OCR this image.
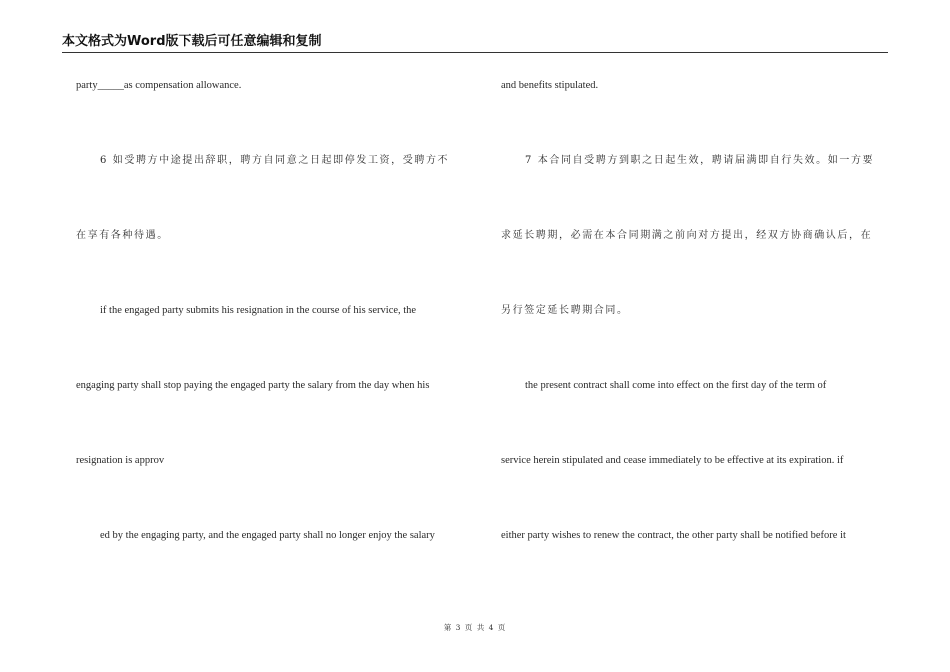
本文格式为Word版下载后可任意编辑和复制
party_____as compensation allowance.
6 如受聘方中途提出辞职，聘方自同意之日起即停发工资，受聘方不
在享有各种待遇。
if the engaged party submits his resignation in the course of his service, the
engaging party shall stop paying the engaged party the salary from the day when his
resignation is approv
ed by the engaging party, and the engaged party shall no longer enjoy the salary
and benefits stipulated.
7 本合同自受聘方到职之日起生效，聘请届满即自行失效。如一方要
求延长聘期，必需在本合同期满之前向对方提出，经双方协商确认后，在
另行签定延长聘期合同。
the present contract shall come into effect on the first day of the term of
service herein stipulated and cease immediately to be effective at its expiration. if
either party wishes to renew the contract, the other party shall be notified before it
第 3 页 共 4 页
